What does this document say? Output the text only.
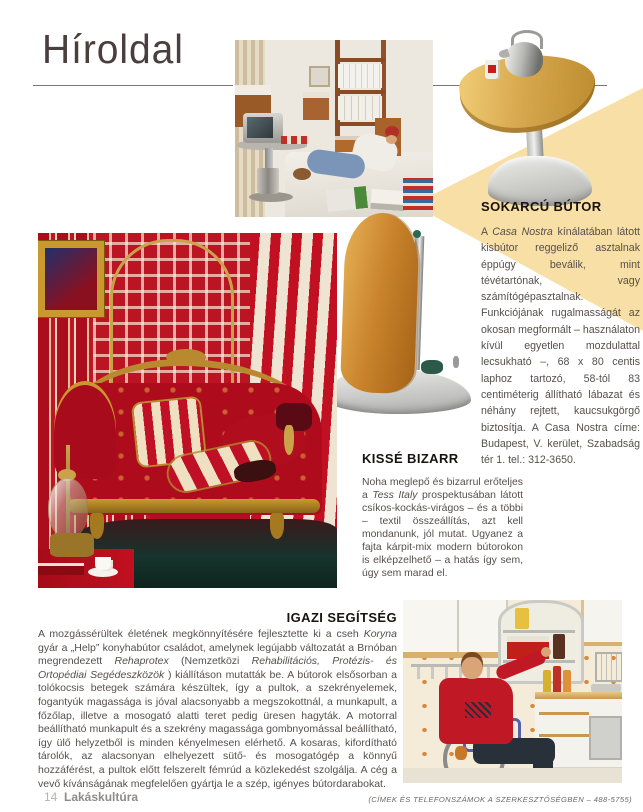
Híroldal
SOKARCÚ BÚTOR
A Casa Nostra kínálatában látott kisbútor reggeliző asztalnak éppúgy beválik, mint tévétartónak, vagy számítógépasztalnak. Funkciójának rugalmasságát az okosan megformált – használaton kívül egyetlen mozdulattal lecsukható –, 68 x 80 centis laphoz tartozó, 58-tól 83 centiméterig állítható lábazat és néhány rejtett, kaucsukgörgő biztosítja. A Casa Nostra címe: Budapest, V. kerület, Szabadság tér 1. tel.: 312-3650.
KISSÉ BIZARR
Noha meglepő és bizarrul erőteljes a Tess Italy prospektusában látott csíkos-kockás-virágos – és a többi – textil összeállítás, azt kell mondanunk, jól mutat. Ugyanez a fajta kárpit-mix modern bútorokon is elképzelhető – a hatás így sem, úgy sem marad el.
IGAZI SEGÍTSÉG
A mozgássérültek életének megkönnyítésére fejlesztette ki a cseh Koryna gyár a „Help” konyhabútor családot, amelynek legújabb változatát a Brnóban megrendezett Rehaprotex (Nemzetközi Rehabilitációs, Protézis- és Ortopédiai Segédeszközök ) kiállításon mutatták be. A bútorok elsősorban a tolókocsis betegek számára készültek, így a pultok, a szekrényelemek, fogantyúk magassága is jóval alacsonyabb a megszokottnál, a munkapult, a főzőlap, illetve a mosogató alatti teret pedig üresen hagyták. A motorral beállítható munkapult és a szekrény magassága gombnyomással beállítható, így ülő helyzetből is minden kényelmesen elérhető. A kosaras, kifordítható tárolók, az alacsonyan elhelyezett sütő- és mosogatógép a könnyű hozzáférést, a pultok előtt felszerelt fémrúd a közlekedést szolgálja. A cég a vevő kívánságának megfelelően gyártja le a szép, igényes bútordarabokat.
14 Lakáskultúra	(CÍMEK ÉS TELEFONSZÁMOK A SZERKESZTŐSÉGBEN – 488-5755)
